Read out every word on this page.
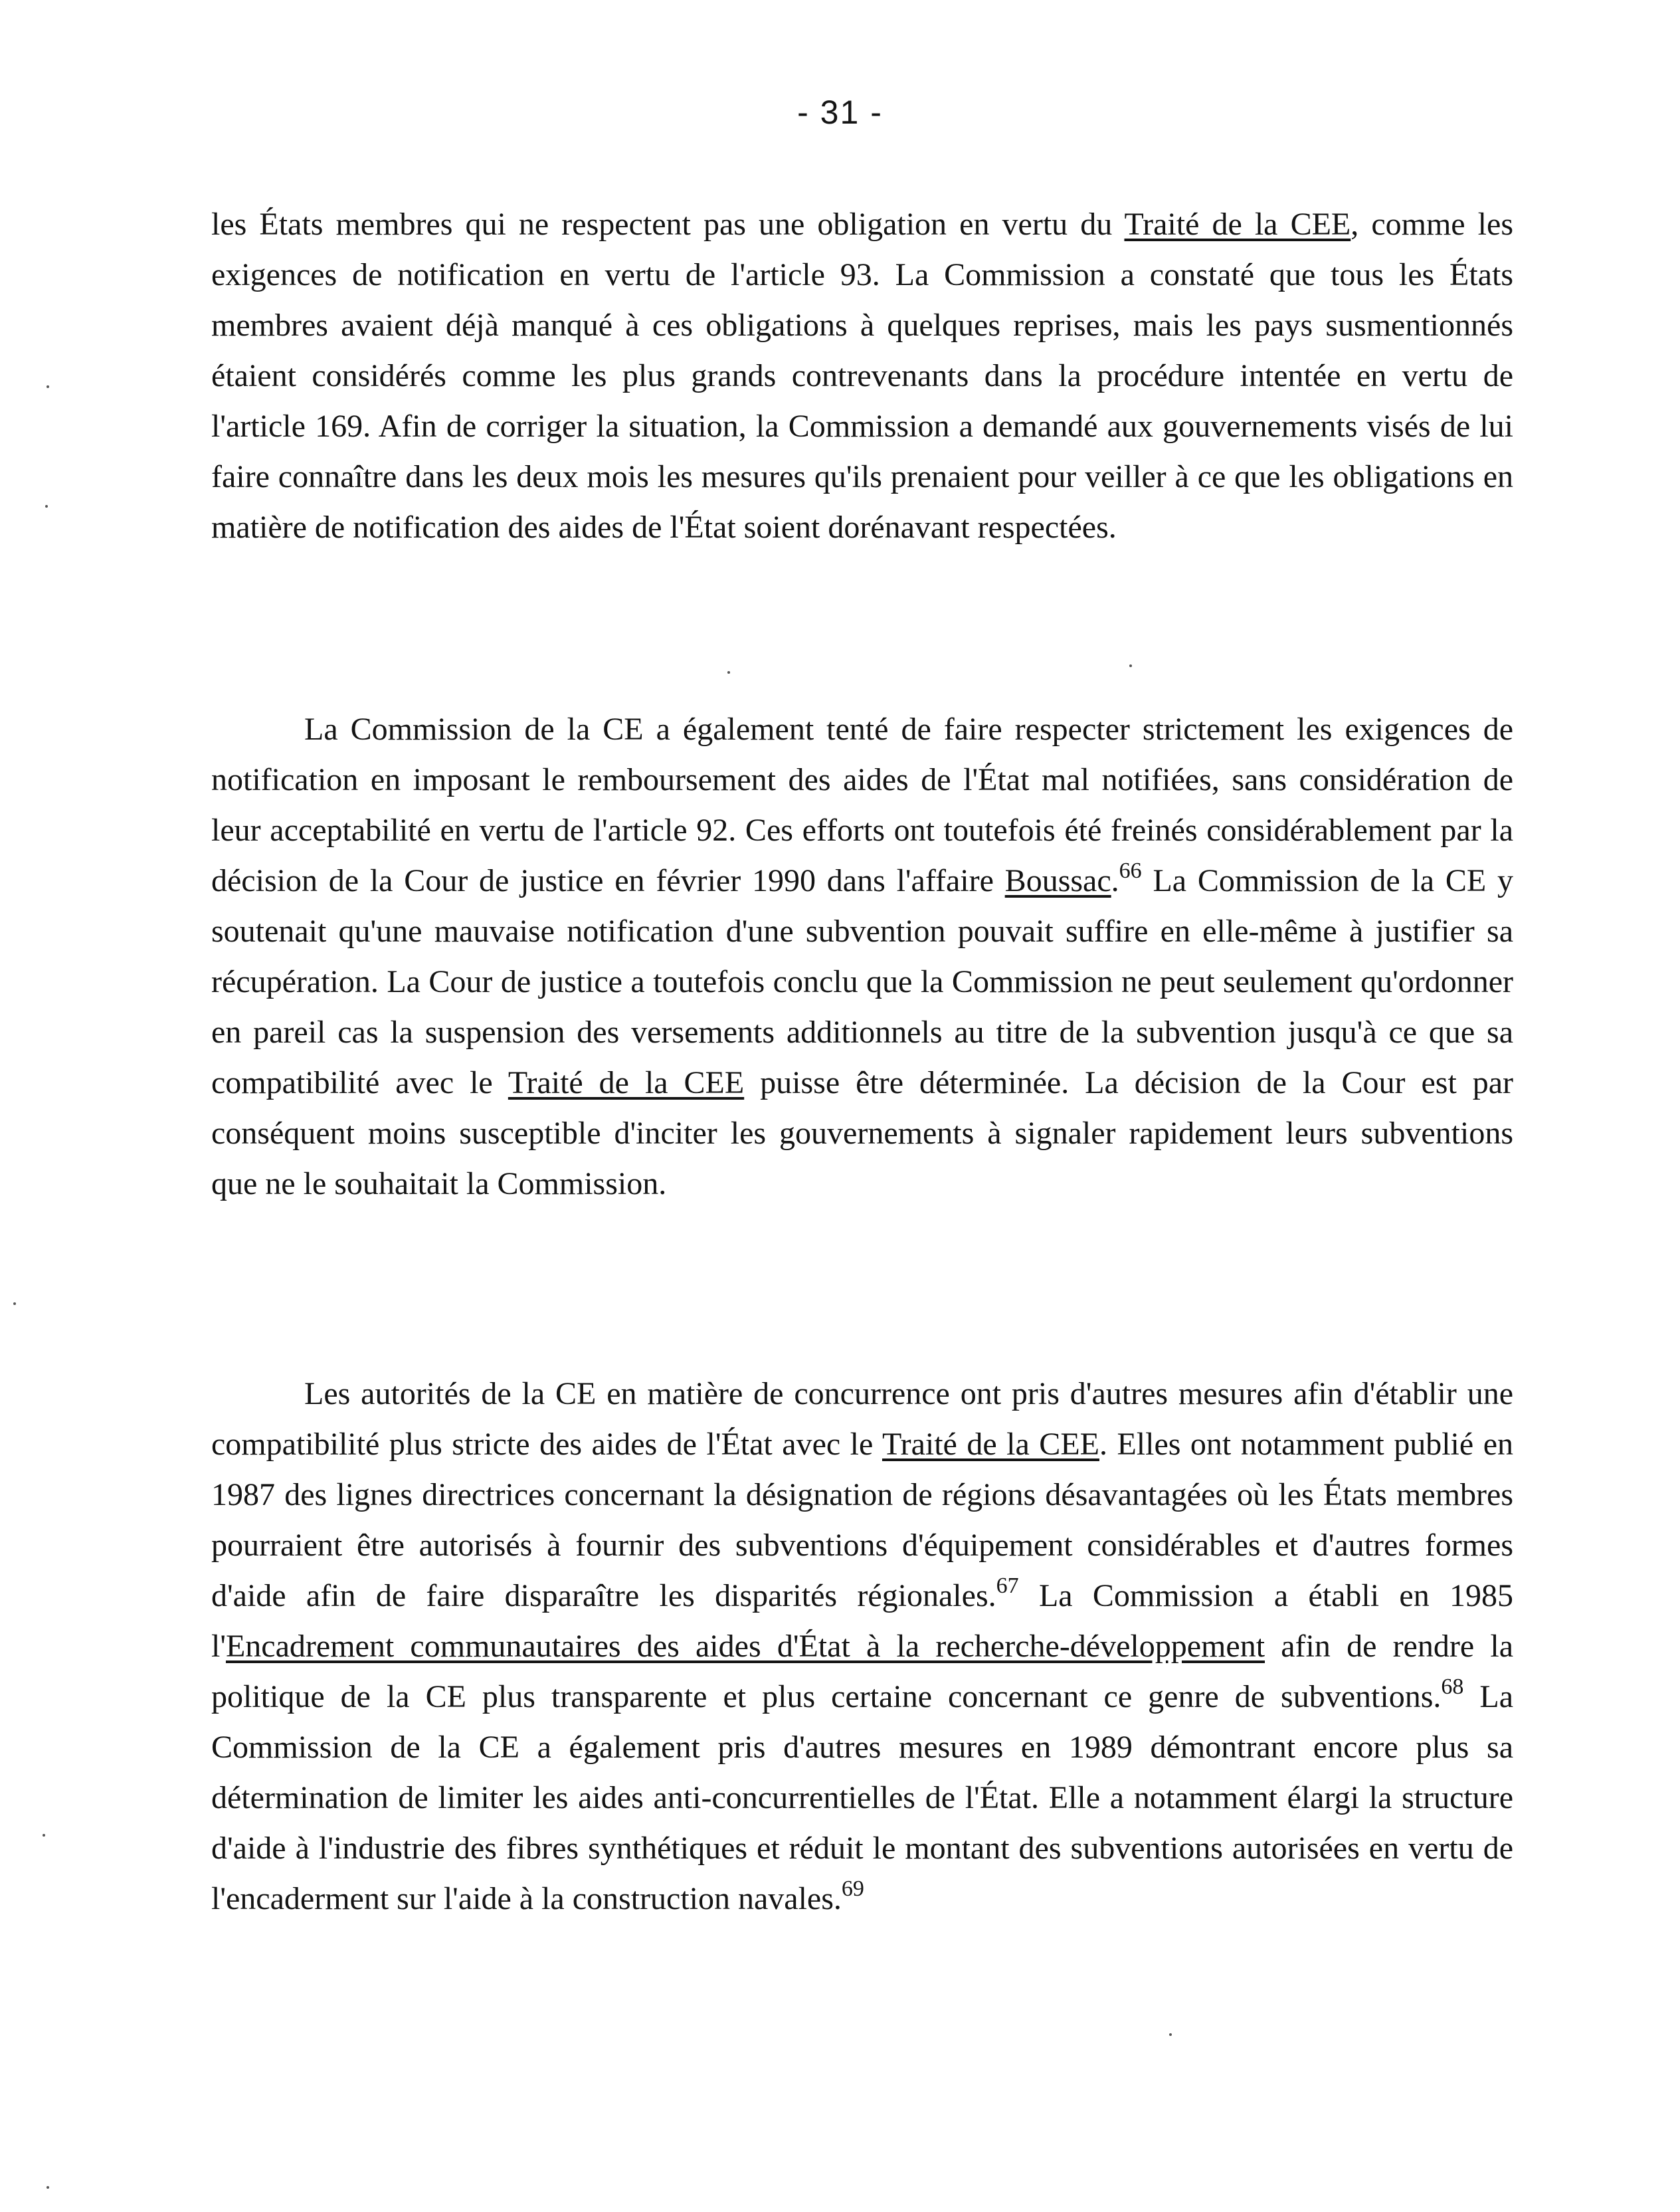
- 31 -

les États membres qui ne respectent pas une obligation en vertu du Traité de la CEE, comme les exigences de notification en vertu de l'article 93. La Commission a constaté que tous les États membres avaient déjà manqué à ces obligations à quelques reprises, mais les pays susmentionnés étaient considérés comme les plus grands contrevenants dans la procédure intentée en vertu de l'article 169. Afin de corriger la situation, la Commission a demandé aux gouvernements visés de lui faire connaître dans les deux mois les mesures qu'ils prenaient pour veiller à ce que les obligations en matière de notification des aides de l'État soient dorénavant respectées.

La Commission de la CE a également tenté de faire respecter strictement les exigences de notification en imposant le remboursement des aides de l'État mal notifiées, sans considération de leur acceptabilité en vertu de l'article 92. Ces efforts ont toutefois été freinés considérablement par la décision de la Cour de justice en février 1990 dans l'affaire Boussac.$^{66}$ La Commission de la CE y soutenait qu'une mauvaise notification d'une subvention pouvait suffire en elle-même à justifier sa récupération. La Cour de justice a toutefois conclu que la Commission ne peut seulement qu'ordonner en pareil cas la suspension des versements additionnels au titre de la subvention jusqu'à ce que sa compatibilité avec le Traité de la CEE puisse être déterminée. La décision de la Cour est par conséquent moins susceptible d'inciter les gouvernements à signaler rapidement leurs subventions que ne le souhaitait la Commission.

Les autorités de la CE en matière de concurrence ont pris d'autres mesures afin d'établir une compatibilité plus stricte des aides de l'État avec le Traité de la CEE. Elles ont notamment publié en 1987 des lignes directrices concernant la désignation de régions désavantagées où les États membres pourraient être autorisés à fournir des subventions d'équipement considérables et d'autres formes d'aide afin de faire disparaître les disparités régionales.$^{67}$ La Commission a établi en 1985 l'Encadrement communautaires des aides d'État à la recherche-développement afin de rendre la politique de la CE plus transparente et plus certaine concernant ce genre de subventions.$^{68}$ La Commission de la CE a également pris d'autres mesures en 1989 démontrant encore plus sa détermination de limiter les aides anti-concurrentielles de l'État. Elle a notamment élargi la structure d'aide à l'industrie des fibres synthétiques et réduit le montant des subventions autorisées en vertu de l'encaderment sur l'aide à la construction navales.$^{69}$
